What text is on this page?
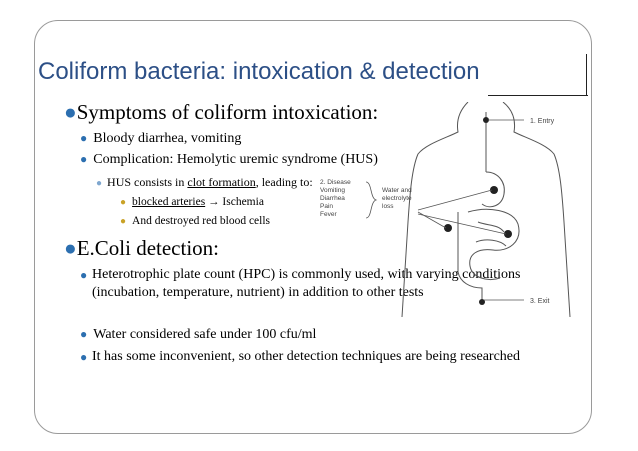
Coliform bacteria: intoxication & detection
●Symptoms of coliform intoxication:
● Bloody diarrhea, vomiting
● Complication: Hemolytic uremic syndrome (HUS)
● HUS consists in clot formation, leading to:
● blocked arteries → Ischemia
● And destroyed red blood cells
●E.Coli detection:
● Heterotrophic plate count (HPC) is commonly used, with varying conditions (incubation, temperature, nutrient) in addition to other tests
● Water considered safe under 100 cfu/ml
● It has some inconvenient, so other detection techniques are being researched
1. Entry
3. Exit
2. Disease
Vomiting
Diarrhea
Pain
Fever
Water and
electrolyte
loss
